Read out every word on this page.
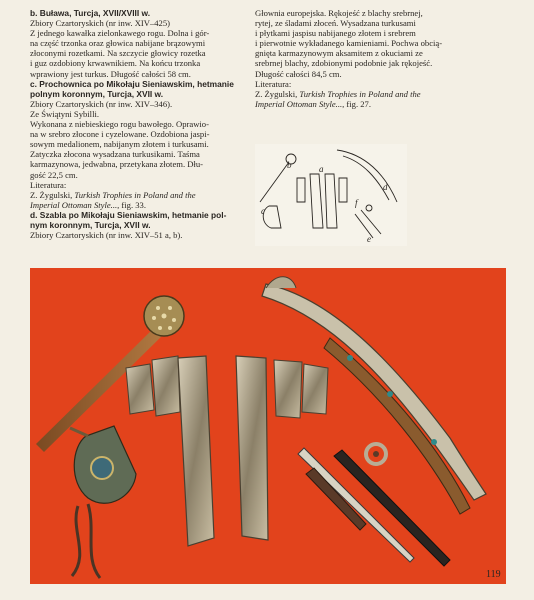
b. Buława, Turcja, XVII/XVIII w.
Zbiory Czartoryskich (nr inw. XIV–425)
Z jednego kawałka zielonkawego rogu. Dolna i gór-
na część trzonka oraz głowica nabijane brązowymi
złoconymi rozetkami. Na szczycie głowicy rozetka
i guz ozdobiony krwawnikiem. Na końcu trzonka
wprawiony jest turkus. Długość całości 58 cm.
c. Prochownica po Mikołaju Sieniawskim, hetmanie
polnym koronnym, Turcja, XVII w.
Zbiory Czartoryskich (nr inw. XIV–346).
Ze Świątyni Sybilli.
Wykonana z niebieskiego rogu bawołego. Oprawio-
na w srebro złocone i cyzelowane. Ozdobiona jaspi-
sowym medalionem, nabijanym złotem i turkusami.
Zatyczka złocona wysadzana turkusikami. Taśma
karmazynowa, jedwabna, przetykana złotem. Dłu-
gość 22,5 cm.
Literatura:
Z. Żygulski, Turkish Trophies in Poland and the
Imperial Ottoman Style..., fig. 33.
d. Szabla po Mikołaju Sieniawskim, hetmanie pol-
nym koronnym, Turcja, XVII w.
Zbiory Czartoryskich (nr inw. XIV–51 a, b).
Głownia europejska. Rękojeść z blachy srebrnej,
rytej, ze śladami złoceń. Wysadzana turkusami
i płytkami jaspisu nabijanego złotem i srebrem
i pierwotnie wykładanego kamieniami. Pochwa obcią-
gnięta karmazynowym aksamitem z okuciami ze
srebrnej blachy, zdobionymi podobnie jak rękojeść.
Długość całości 84,5 cm.
Literatura:
Z. Żygulski, Turkish Trophies in Poland and the
Imperial Ottoman Style..., fig. 27.
b	a
c
d
e
f
119
